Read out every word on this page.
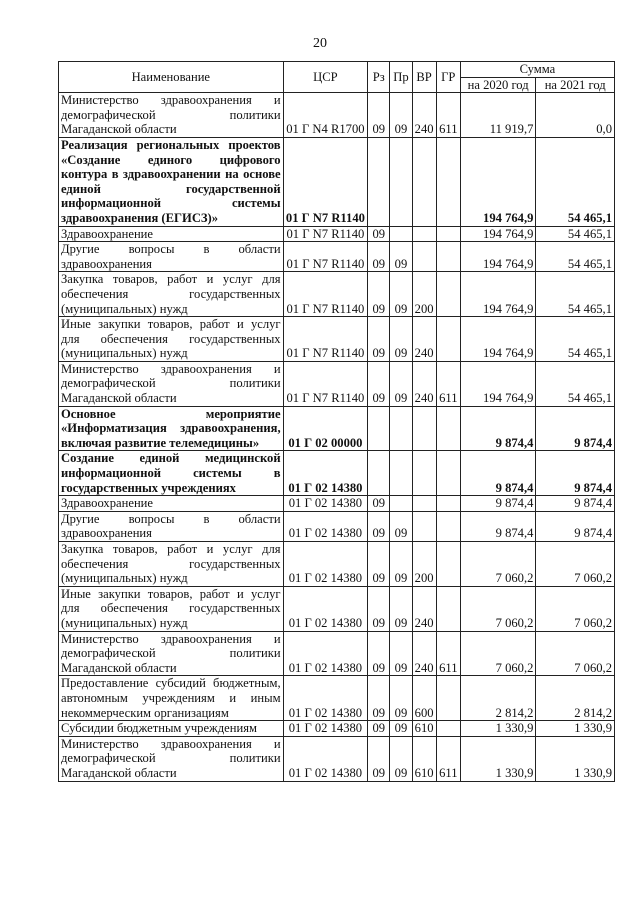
20
Наименование	ЦСР	Рз	Пр	ВР	ГР	Сумма	
						на 2020 год	на 2021 год
Министерство здравоохранения и демографической политики Магаданской области	01 Г N4 R1700	09	09	240	611	11 919,7	0,0
Реализация региональных проектов «Создание единого цифрового контура в здравоохранении на основе единой государственной информационной системы здравоохранения (ЕГИСЗ)»	01 Г N7 R1140					194 764,9	54 465,1
Здравоохранение	01 Г N7 R1140	09				194 764,9	54 465,1
Другие вопросы в области здравоохранения	01 Г N7 R1140	09	09			194 764,9	54 465,1
Закупка товаров, работ и услуг для обеспечения государственных (муниципальных) нужд	01 Г N7 R1140	09	09	200		194 764,9	54 465,1
Иные закупки товаров, работ и услуг для обеспечения государственных (муниципальных) нужд	01 Г N7 R1140	09	09	240		194 764,9	54 465,1
Министерство здравоохранения и демографической политики Магаданской области	01 Г N7 R1140	09	09	240	611	194 764,9	54 465,1
Основное мероприятие «Информатизация здравоохранения, включая развитие телемедицины»	01 Г 02 00000					9 874,4	9 874,4
Создание единой медицинской информационной системы в государственных учреждениях	01 Г 02 14380					9 874,4	9 874,4
Здравоохранение	01 Г 02 14380	09				9 874,4	9 874,4
Другие вопросы в области здравоохранения	01 Г 02 14380	09	09			9 874,4	9 874,4
Закупка товаров, работ и услуг для обеспечения государственных (муниципальных) нужд	01 Г 02 14380	09	09	200		7 060,2	7 060,2
Иные закупки товаров, работ и услуг для обеспечения государственных (муниципальных) нужд	01 Г 02 14380	09	09	240		7 060,2	7 060,2
Министерство здравоохранения и демографической политики Магаданской области	01 Г 02 14380	09	09	240	611	7 060,2	7 060,2
Предоставление субсидий бюджетным, автономным учреждениям и иным некоммерческим организациям	01 Г 02 14380	09	09	600		2 814,2	2 814,2
Субсидии бюджетным учреждениям	01 Г 02 14380	09	09	610		1 330,9	1 330,9
Министерство здравоохранения и демографической политики Магаданской области	01 Г 02 14380	09	09	610	611	1 330,9	1 330,9
